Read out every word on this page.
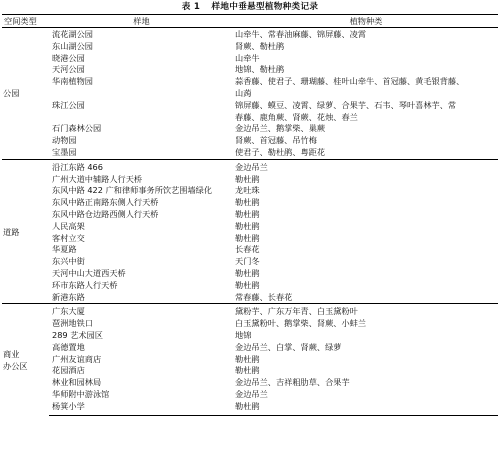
表 1 样地中垂悬型植物种类记录
空间类型	样地	植物种类

公园	流花湖公园	山牵牛、常春油麻藤、锦屏藤、凌霄
	东山湖公园	肾蕨、勒杜鹃
	晓港公园	山牵牛
	天河公园	地锦、勒杜鹃
	华南植物园	蒜香藤、使君子、珊瑚藤、桂叶山牵牛、首冠藤、黄毛银背藤、
山蒟

	珠江公园	锦屏藤、蟆豆、凌霄、绿萝、合果芋、石韦、琴叶喜林芋、常
春藤、鹿角蕨、肾蕨、花烛、春兰

	石门森林公园	金边吊兰、鹅掌柴、巢蕨
	动物园	肾蕨、首冠藤、吊竹梅
	宝墨园	使君子、勒杜鹃、粤距花

道路	沿江东路 466	金边吊兰
	广州大道中辅路人行天桥	勒杜鹃
	东风中路 422 广和律师事务所饮艺围墙绿化	龙吐珠
	东风中路正南路东侧人行天桥	勒杜鹃
	东风中路仓边路西侧人行天桥	勒杜鹃
	人民高架	勒杜鹃
	客村立交	勒杜鹃
	华夏路	长春花
	东兴中街	天门冬
	天河中山大道西天桥	勒杜鹃
	环市东路人行天桥	勒杜鹃
	新港东路	常春藤、长春花

商业
办公区	广东大厦	黛粉芋、广东万年青、白玉黛粉叶
	琶洲地铁口	白玉黛粉叶、鹅掌柴、肾蕨、小蚌兰
	289 艺术园区	地锦
	高德置地	金边吊兰、白掌、肾蕨、绿萝
	广州友谊商店	勒杜鹃
	花园酒店	勒杜鹃
	林业和园林局	金边吊兰、吉祥粗肋草、合果芋
	华师附中游泳馆	金边吊兰
	杨箕小学	勒杜鹃
